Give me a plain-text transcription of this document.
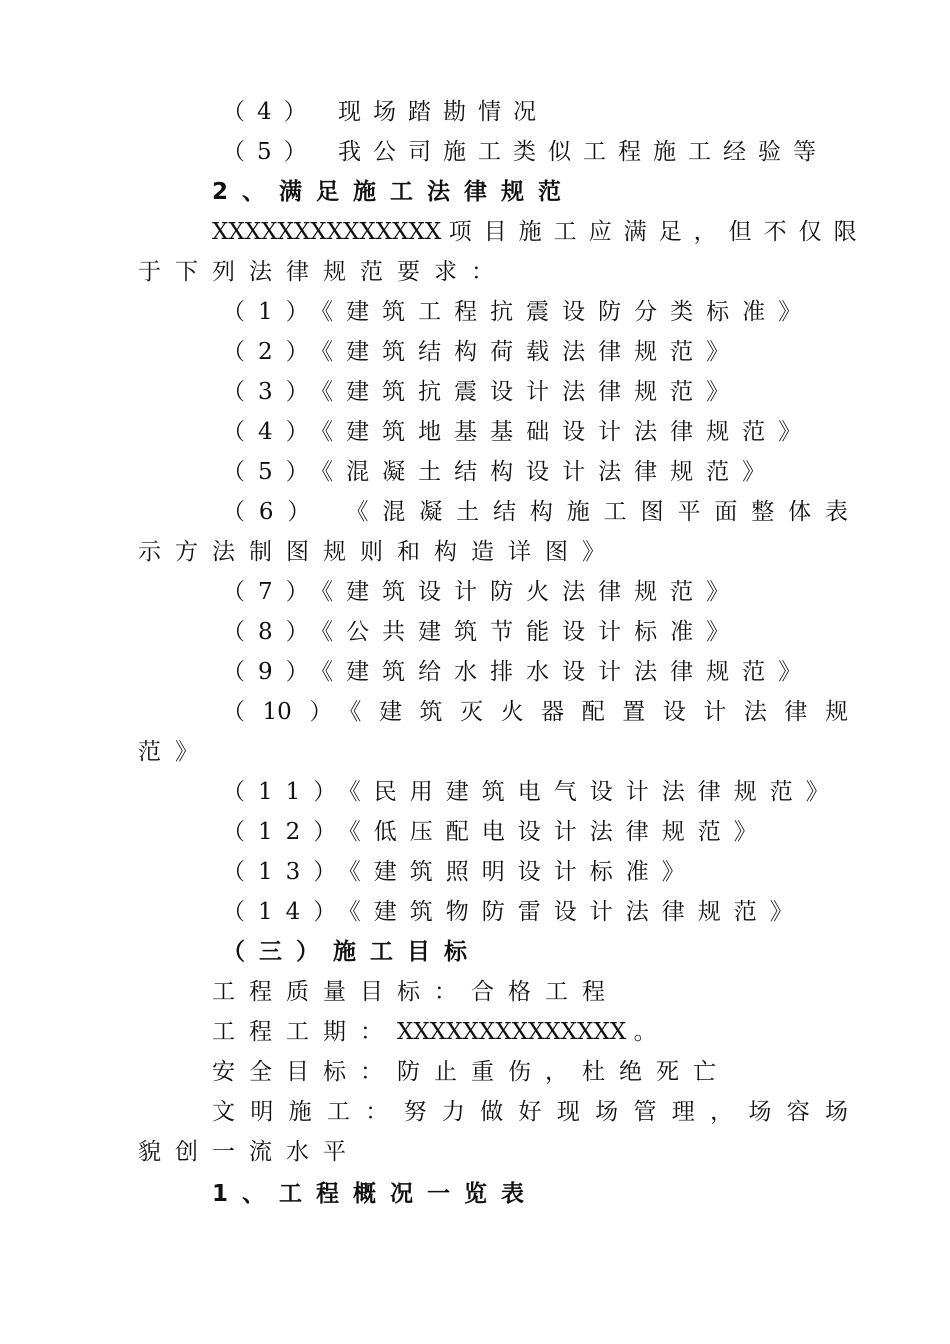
（4） 现场踏勘情况
（5） 我公司施工类似工程施工经验等
2、满足施工法律规范
XXXXXXXXXXXXXX 项目施工应满足，但不仅限
于下列法律规范要求：
（1）《建筑工程抗震设防分类标准》
（2）《建筑结构荷载法律规范》
（3）《建筑抗震设计法律规范》
（4）《建筑地基基础设计法律规范》
（5）《混凝土结构设计法律规范》
（6） 《混凝土结构施工图平面整体表
示方法制图规则和构造详图》
（7）《建筑设计防火法律规范》
（8）《公共建筑节能设计标准》
（9）《建筑给水排水设计法律规范》
（10）《建筑灭火器配置设计法律规
范》
（11）《民用建筑电气设计法律规范》
（12）《低压配电设计法律规范》
（13）《建筑照明设计标准》
（14）《建筑物防雷设计法律规范》
（三）施工目标
工程质量目标：合格工程
工程工期：XXXXXXXXXXXXXX 。
安全目标：防止重伤，杜绝死亡
文明施工：努力做好现场管理，场容场
貌创一流水平
1、工程概况一览表
